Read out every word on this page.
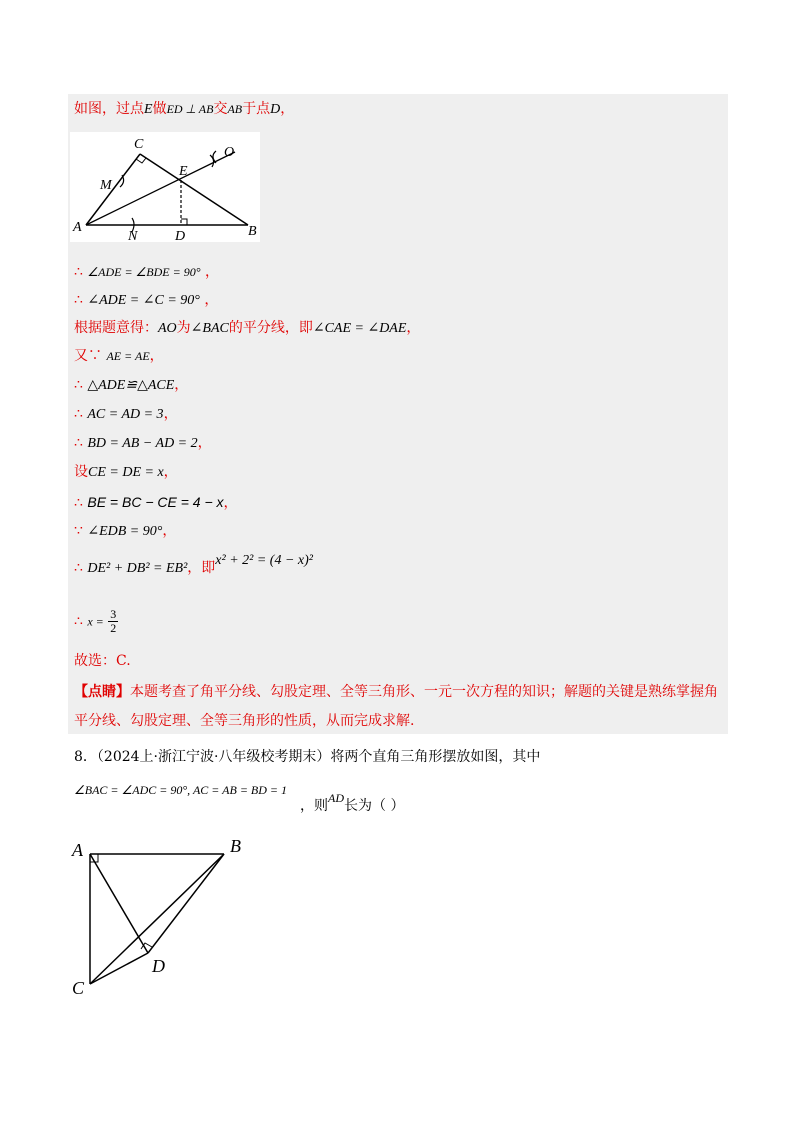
如图，过点E做ED ⊥ AB交AB于点D，
C
E
O
M
A
N	D	B
∴ ∠ADE = ∠BDE = 90° ，
∴ ∠ADE = ∠C = 90° ，
根据题意得：AO为∠BAC的平分线，即∠CAE = ∠DAE，
又∵ AE = AE，
∴ △ADE≌△ACE，
∴ AC = AD = 3，
∴ BD = AB − AD = 2，
设CE = DE = x，
∴ BE = BC − CE = 4 − x，
∵ ∠EDB = 90°，
∴ DE² + DB² = EB²，即x² + 2² = (4 − x)²
∴ $x = \frac{3}{2}$
故选：C.
【点睛】本题考查了角平分线、勾股定理、全等三角形、一元一次方程的知识；解题的关键是熟练掌握角
平分线、勾股定理、全等三角形的性质，从而完成求解.
8．（2024上·浙江宁波·八年级校考期末）将两个直角三角形摆放如图，其中
∠BAC = ∠ADC = 90°, AC = AB = BD = 1
，则AD长为（ ）
A	B
C
D
